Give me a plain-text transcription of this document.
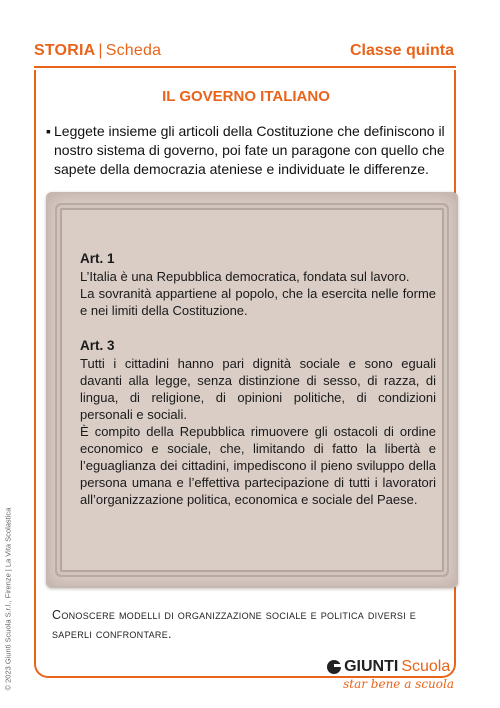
STORIA | Scheda	Classe quinta
IL GOVERNO ITALIANO
▪ Leggete insieme gli articoli della Costituzione che definiscono il nostro sistema di governo, poi fate un paragone con quello che sapete della democrazia ateniese e individuate le differenze.
Art. 1
L’Italia è una Repubblica democratica, fondata sul lavoro.
La sovranità appartiene al popolo, che la esercita nelle forme e nei limiti della Costituzione.
Art. 3
Tutti i cittadini hanno pari dignità sociale e sono eguali davanti alla legge, senza distinzione di sesso, di razza, di lingua, di religione, di opinioni politiche, di condizioni personali e sociali.
È compito della Repubblica rimuovere gli ostacoli di ordine economico e sociale, che, limitando di fatto la libertà e l’eguaglianza dei cittadini, impediscono il pieno sviluppo della persona umana e l’effettiva partecipazione di tutti i lavoratori all’organizzazione politica, economica e sociale del Paese.
© 2023 Giunti Scuola S.r.l., Firenze | La Vita Scolastica	Conoscere modelli di organizzazione sociale e politica diversi e saperli confrontare.
GIUNTI Scuola
star bene a scuola
